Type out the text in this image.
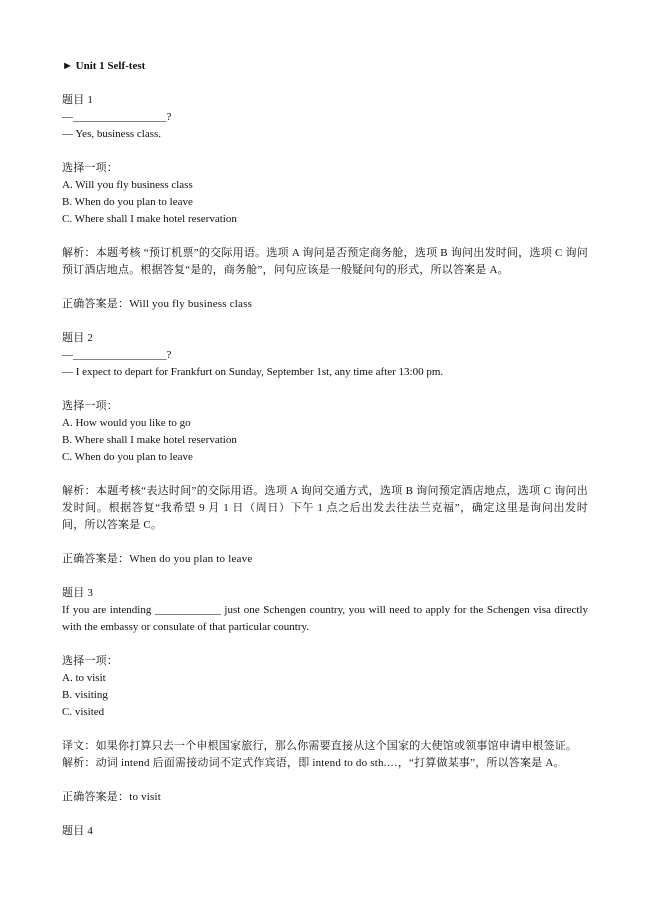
► Unit 1 Self-test
题目 1
—_________________?
— Yes, business class.
选择一项：
A. Will you fly business class
B. When do you plan to leave
C. Where shall I make hotel reservation
解析：本题考核 “预订机票”的交际用语。选项 A 询问是否预定商务舱，选项 B 询问出发时间，选项 C 询问预订酒店地点。根据答复“是的，商务舱”，问句应该是一般疑问句的形式，所以答案是 A。
正确答案是：Will you fly business class
题目 2
—_________________?
— I expect to depart for Frankfurt on Sunday, September 1st, any time after 13:00 pm.
选择一项：
A. How would you like to go
B. Where shall I make hotel reservation
C. When do you plan to leave
解析：本题考核“表达时间”的交际用语。选项 A 询问交通方式，选项 B 询问预定酒店地点，选项 C 询问出发时间。根据答复“我希望 9 月 1 日（周日）下午 1 点之后出发去往法兰克福”，确定这里是询问出发时间，所以答案是 C。
正确答案是：When do you plan to leave
题目 3
If you are intending ____________ just one Schengen country, you will need to apply for the Schengen visa directly with the embassy or consulate of that particular country.
选择一项：
A. to visit
B. visiting
C. visited
译文：如果你打算只去一个申根国家旅行，那么你需要直接从这个国家的大使馆或领事馆申请申根签证。
解析：动词 intend 后面需接动词不定式作宾语，即 intend to do sth.…，“打算做某事”，所以答案是 A。
正确答案是：to visit
题目 4
